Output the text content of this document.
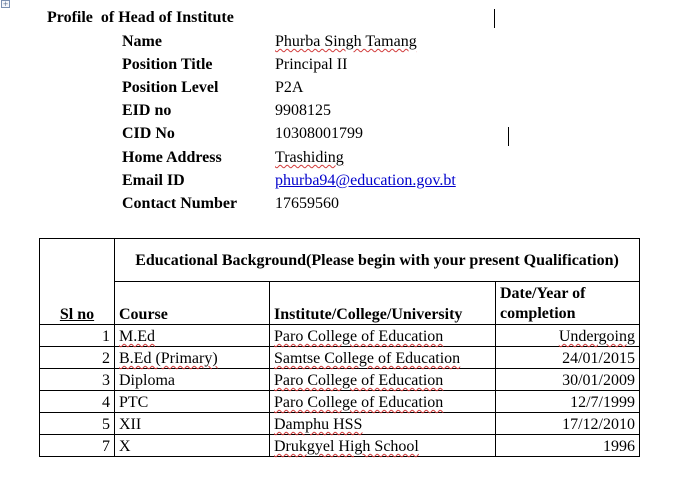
+
Profile  of Head of Institute
Name	Phurba Singh Tamang
Position Title	Principal II
Position Level	P2A
EID no	9908125
CID No	10308001799
Home Address	Trashiding
Email ID	phurba94@education.gov.bt
Contact Number 17659560
Sl no	Educational Background(Please begin with your present Qualification)		
	Course	Institute/College/University	Date/Year of completion
1	M.Ed	Paro College of Education	Undergoing
2	B.Ed (Primary)	Samtse College of Education	24/01/2015
3	Diploma	Paro College of Education	30/01/2009
4	PTC	Paro College of Education	12/7/1999
5	XII	Damphu HSS	17/12/2010
7	X	Drukgyel High School	1996
